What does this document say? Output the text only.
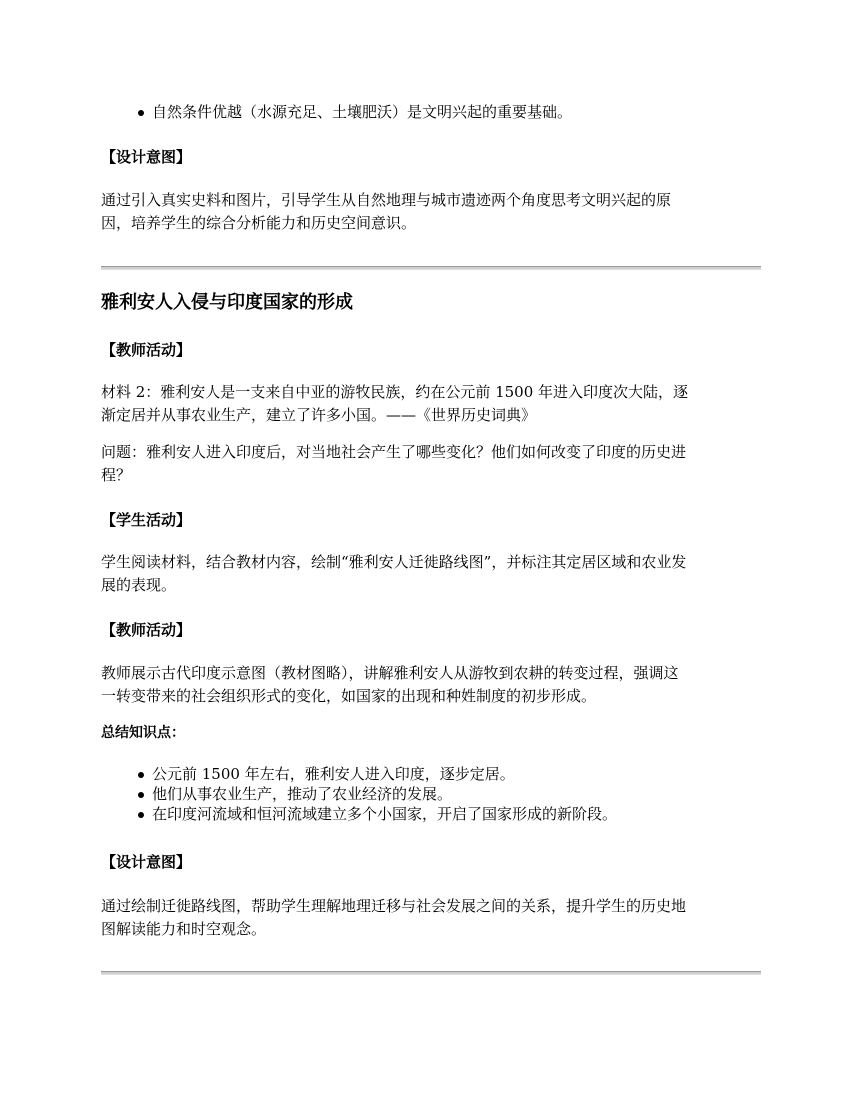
自然条件优越（水源充足、土壤肥沃）是文明兴起的重要基础。
【设计意图】
通过引入真实史料和图片，引导学生从自然地理与城市遗迹两个角度思考文明兴起的原
因，培养学生的综合分析能力和历史空间意识。
雅利安人入侵与印度国家的形成
【教师活动】
材料 2：雅利安人是一支来自中亚的游牧民族，约在公元前 1500 年进入印度次大陆，逐
渐定居并从事农业生产，建立了许多小国。——《世界历史词典》
问题：雅利安人进入印度后，对当地社会产生了哪些变化？他们如何改变了印度的历史进
程？
【学生活动】
学生阅读材料，结合教材内容，绘制“雅利安人迁徙路线图”，并标注其定居区域和农业发
展的表现。
【教师活动】
教师展示古代印度示意图（教材图略），讲解雅利安人从游牧到农耕的转变过程，强调这
一转变带来的社会组织形式的变化，如国家的出现和种姓制度的初步形成。
总结知识点：
公元前 1500 年左右，雅利安人进入印度，逐步定居。
他们从事农业生产，推动了农业经济的发展。
在印度河流域和恒河流域建立多个小国家，开启了国家形成的新阶段。
【设计意图】
通过绘制迁徙路线图，帮助学生理解地理迁移与社会发展之间的关系，提升学生的历史地
图解读能力和时空观念。
